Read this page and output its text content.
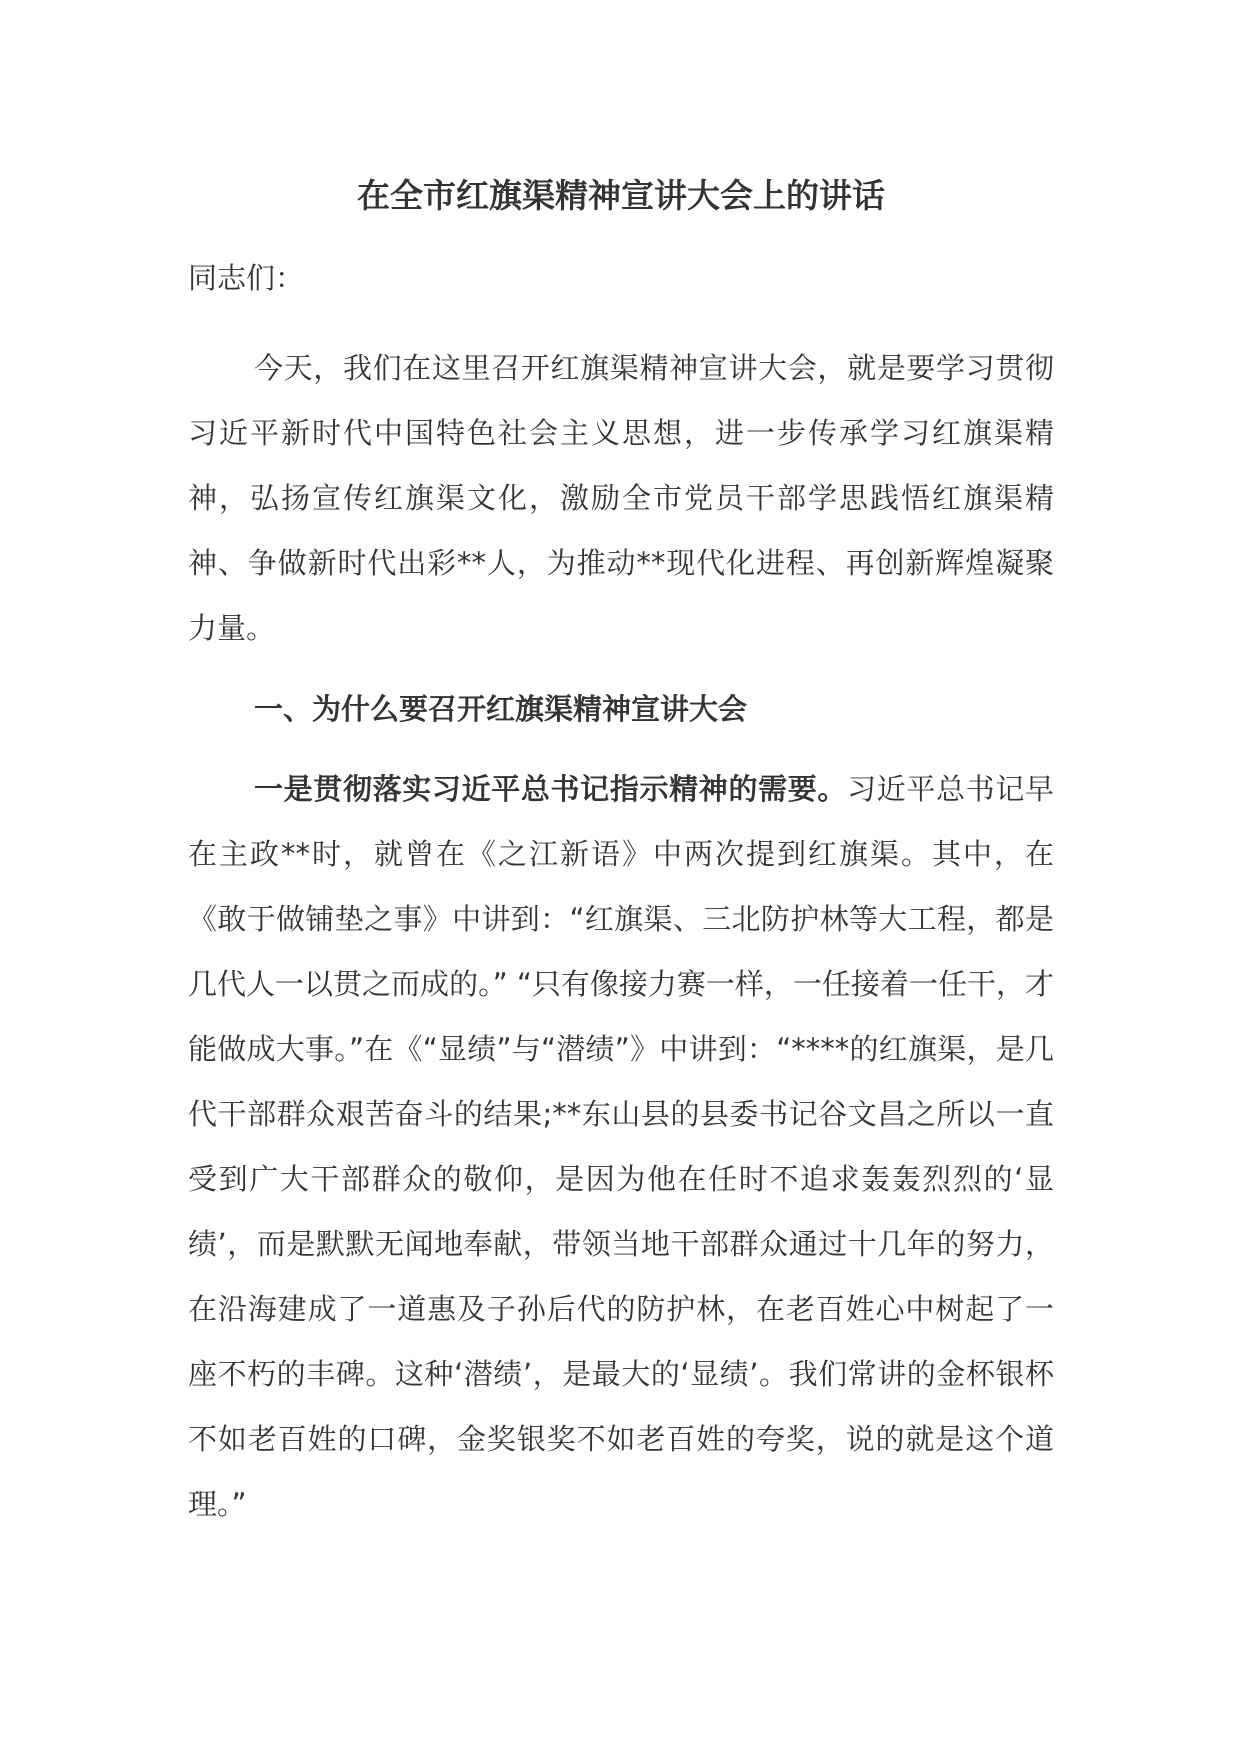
在全市红旗渠精神宣讲大会上的讲话

同志们：

今天，我们在这里召开红旗渠精神宣讲大会，就是要学习贯彻习近平新时代中国特色社会主义思想，进一步传承学习红旗渠精神，弘扬宣传红旗渠文化，激励全市党员干部学思践悟红旗渠精神、争做新时代出彩**人，为推动**现代化进程、再创新辉煌凝聚力量。

一、为什么要召开红旗渠精神宣讲大会

一是贯彻落实习近平总书记指示精神的需要。习近平总书记早在主政**时，就曾在《之江新语》中两次提到红旗渠。其中，在《敢于做铺垫之事》中讲到：“红旗渠、三北防护林等大工程，都是几代人一以贯之而成的。” “只有像接力赛一样，一任接着一任干，才能做成大事。”在《“显绩”与“潜绩”》中讲到：“****的红旗渠，是几代干部群众艰苦奋斗的结果;**东山县的县委书记谷文昌之所以一直受到广大干部群众的敬仰，是因为他在任时不追求轰轰烈烈的‘显绩’，而是默默无闻地奉献，带领当地干部群众通过十几年的努力，在沿海建成了一道惠及子孙后代的防护林，在老百姓心中树起了一座不朽的丰碑。这种‘潜绩’，是最大的‘显绩’。我们常讲的金杯银杯不如老百姓的口碑，金奖银奖不如老百姓的夸奖，说的就是这个道理。”
